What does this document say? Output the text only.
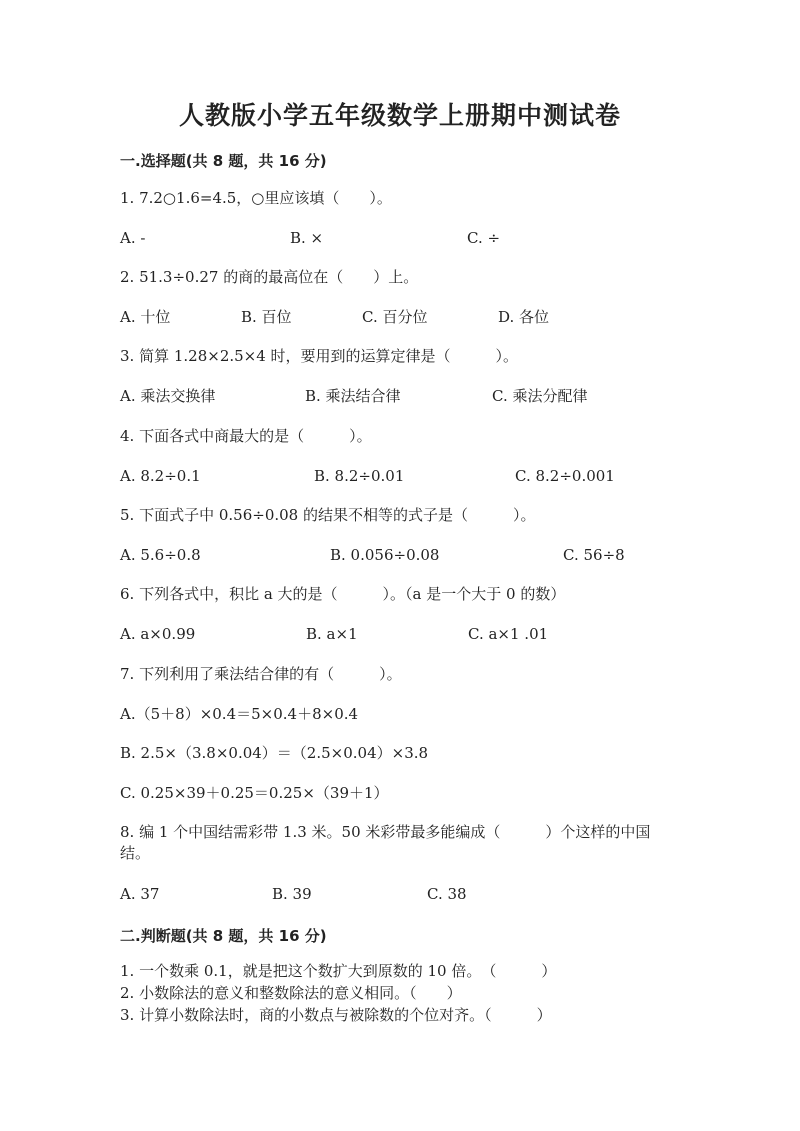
人教版小学五年级数学上册期中测试卷
一.选择题(共 8 题，共 16 分)
1. 7.2○1.6=4.5，○里应该填（　　）。
A. -	B. ×	C. ÷
2. 51.3÷0.27 的商的最高位在（　　）上。
A. 十位	B. 百位	C. 百分位	D. 各位
3. 简算 1.28×2.5×4 时，要用到的运算定律是（　　　）。
A. 乘法交换律	B. 乘法结合律	C. 乘法分配律
4. 下面各式中商最大的是（　　　）。
A. 8.2÷0.1	B. 8.2÷0.01	C. 8.2÷0.001
5. 下面式子中 0.56÷0.08 的结果不相等的式子是（　　　）。
A. 5.6÷0.8	B. 0.056÷0.08	C. 56÷8
6. 下列各式中，积比 a 大的是（　　　）。（a 是一个大于 0 的数）
A. a×0.99	B. a×1	C. a×1 .01
7. 下列利用了乘法结合律的有（　　　）。
A.（5＋8）×0.4＝5×0.4＋8×0.4
B. 2.5×（3.8×0.04）＝（2.5×0.04）×3.8
C. 0.25×39＋0.25＝0.25×（39＋1）
8. 编 1 个中国结需彩带 1.3 米。50 米彩带最多能编成（　　　）个这样的中国结。
A. 37	B. 39	C. 38
二.判断题(共 8 题，共 16 分)
1. 一个数乘 0.1，就是把这个数扩大到原数的 10 倍。　（　　　）
2. 小数除法的意义和整数除法的意义相同。（　　）
3. 计算小数除法时，商的小数点与被除数的个位对齐。（　　　）
